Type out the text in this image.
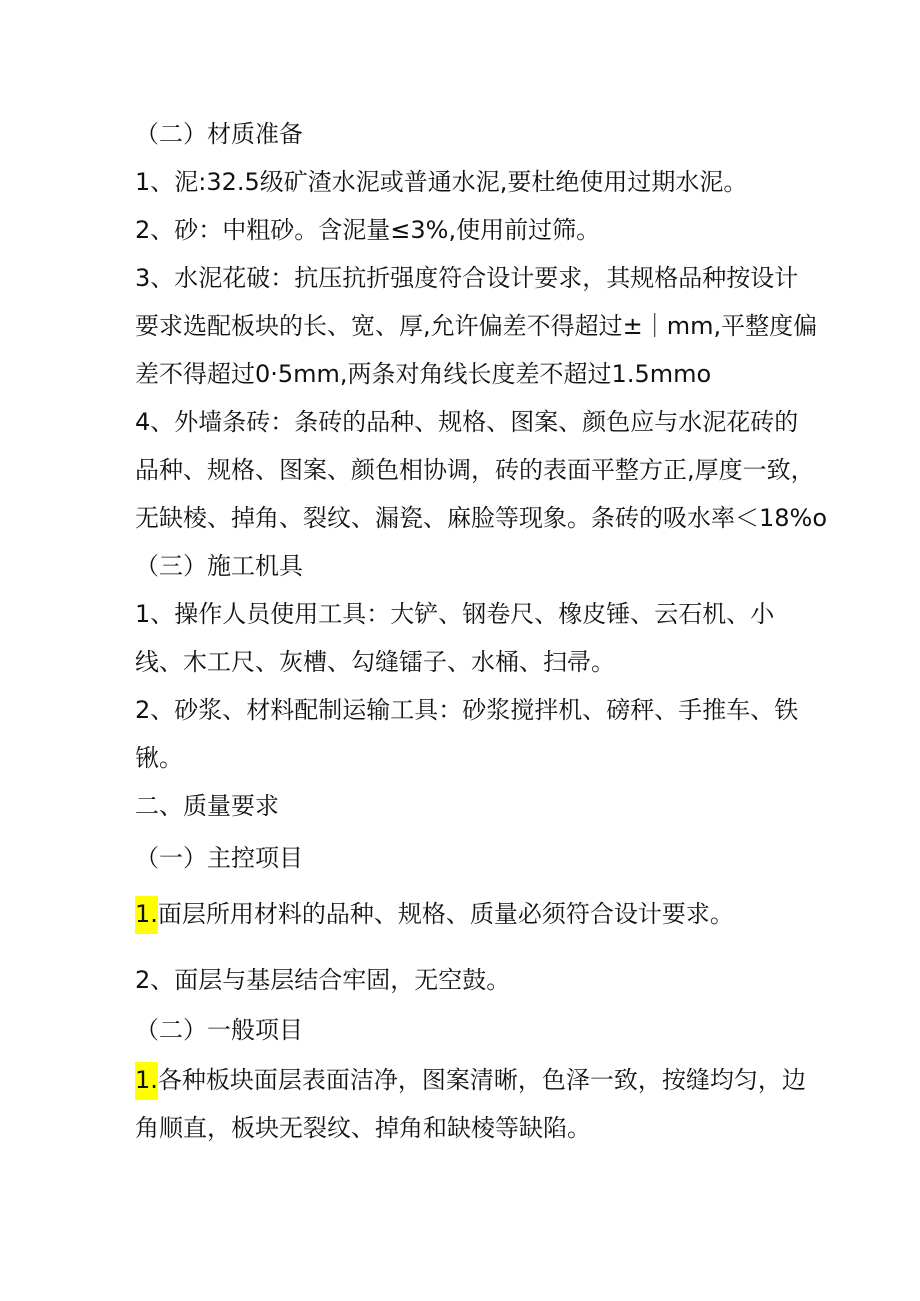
（二）材质准备
1、泥:32.5级矿渣水泥或普通水泥,要杜绝使用过期水泥。
2、砂：中粗砂。含泥量≤3%,使用前过筛。
3、水泥花破：抗压抗折强度符合设计要求，其规格品种按设计
要求选配板块的长、宽、厚,允许偏差不得超过±｜mm,平整度偏
差不得超过0·5mm,两条对角线长度差不超过1.5mmo
4、外墙条砖：条砖的品种、规格、图案、颜色应与水泥花砖的
品种、规格、图案、颜色相协调，砖的表面平整方正,厚度一致，
无缺棱、掉角、裂纹、漏瓷、麻脸等现象。条砖的吸水率＜18%o
（三）施工机具
1、操作人员使用工具：大铲、钢卷尺、橡皮锤、云石机、小
线、木工尺、灰槽、勾缝镭子、水桶、扫帚。
2、砂浆、材料配制运输工具：砂浆搅拌机、磅秤、手推车、铁
锹。
二、质量要求
（一）主控项目
1.面层所用材料的品种、规格、质量必须符合设计要求。
2、面层与基层结合牢固，无空鼓。
（二）一般项目
1.各种板块面层表面洁净，图案清晰，色泽一致，按缝均匀，边
角顺直，板块无裂纹、掉角和缺棱等缺陷。
